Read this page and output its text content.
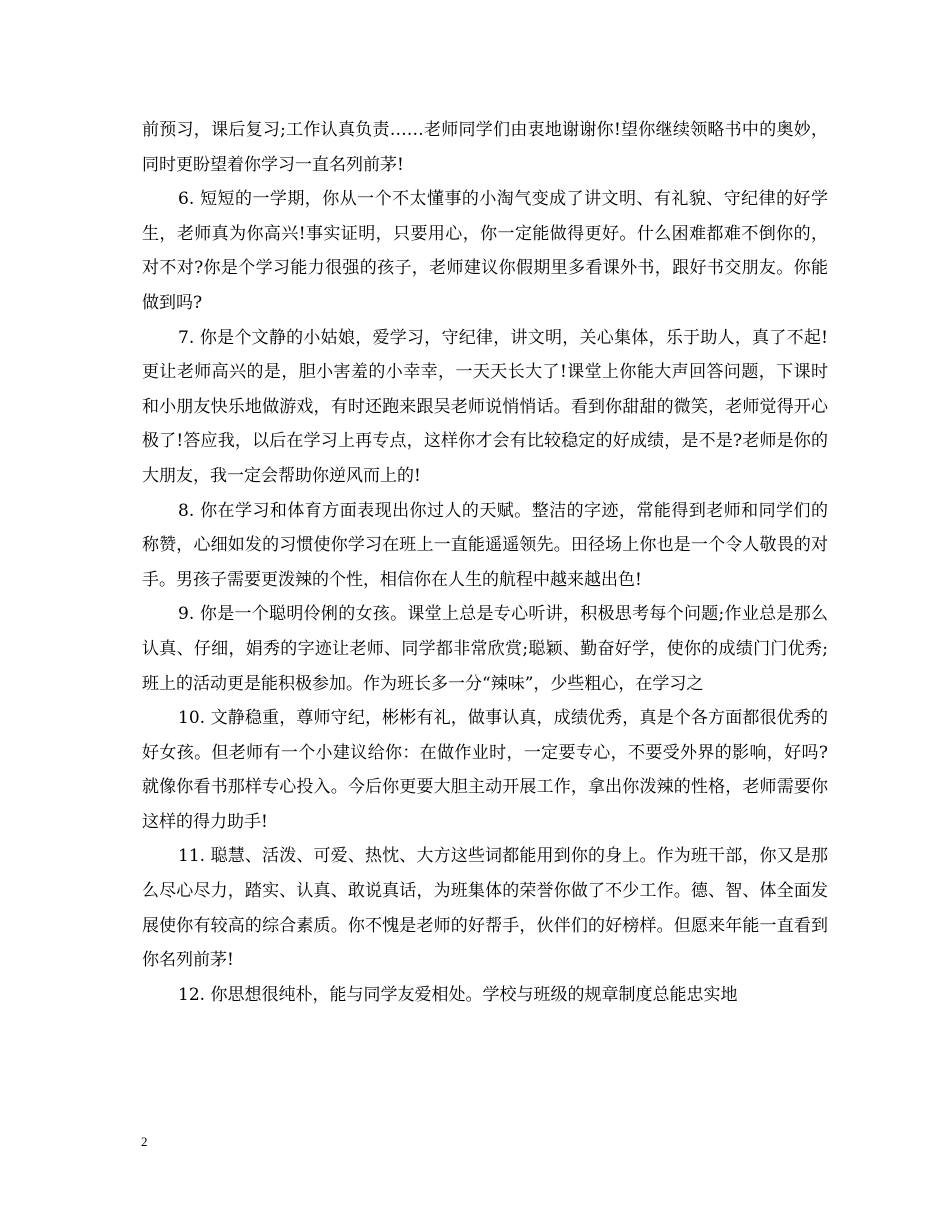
前预习，课后复习;工作认真负责……老师同学们由衷地谢谢你!望你继续领略书中的奥妙，同时更盼望着你学习一直名列前茅!

6. 短短的一学期，你从一个不太懂事的小淘气变成了讲文明、有礼貌、守纪律的好学生，老师真为你高兴!事实证明，只要用心，你一定能做得更好。什么困难都难不倒你的，对不对?你是个学习能力很强的孩子，老师建议你假期里多看课外书，跟好书交朋友。你能做到吗?

7. 你是个文静的小姑娘，爱学习，守纪律，讲文明，关心集体，乐于助人，真了不起!更让老师高兴的是，胆小害羞的小幸幸，一天天长大了!课堂上你能大声回答问题，下课时和小朋友快乐地做游戏，有时还跑来跟吴老师说悄悄话。看到你甜甜的微笑，老师觉得开心极了!答应我，以后在学习上再专点，这样你才会有比较稳定的好成绩，是不是?老师是你的大朋友，我一定会帮助你逆风而上的!

8. 你在学习和体育方面表现出你过人的天赋。整洁的字迹，常能得到老师和同学们的称赞，心细如发的习惯使你学习在班上一直能遥遥领先。田径场上你也是一个令人敬畏的对手。男孩子需要更泼辣的个性，相信你在人生的航程中越来越出色!

9. 你是一个聪明伶俐的女孩。课堂上总是专心听讲，积极思考每个问题;作业总是那么认真、仔细，娟秀的字迹让老师、同学都非常欣赏;聪颖、勤奋好学，使你的成绩门门优秀;班上的活动更是能积极参加。作为班长多一分“辣味”，少些粗心，在学习之

10. 文静稳重，尊师守纪，彬彬有礼，做事认真，成绩优秀，真是个各方面都很优秀的好女孩。但老师有一个小建议给你：在做作业时，一定要专心，不要受外界的影响，好吗?就像你看书那样专心投入。今后你更要大胆主动开展工作，拿出你泼辣的性格，老师需要你这样的得力助手!

11. 聪慧、活泼、可爱、热忱、大方这些词都能用到你的身上。作为班干部，你又是那么尽心尽力，踏实、认真、敢说真话，为班集体的荣誉你做了不少工作。德、智、体全面发展使你有较高的综合素质。你不愧是老师的好帮手，伙伴们的好榜样。但愿来年能一直看到你名列前茅!

12. 你思想很纯朴，能与同学友爱相处。学校与班级的规章制度总能忠实地

2
